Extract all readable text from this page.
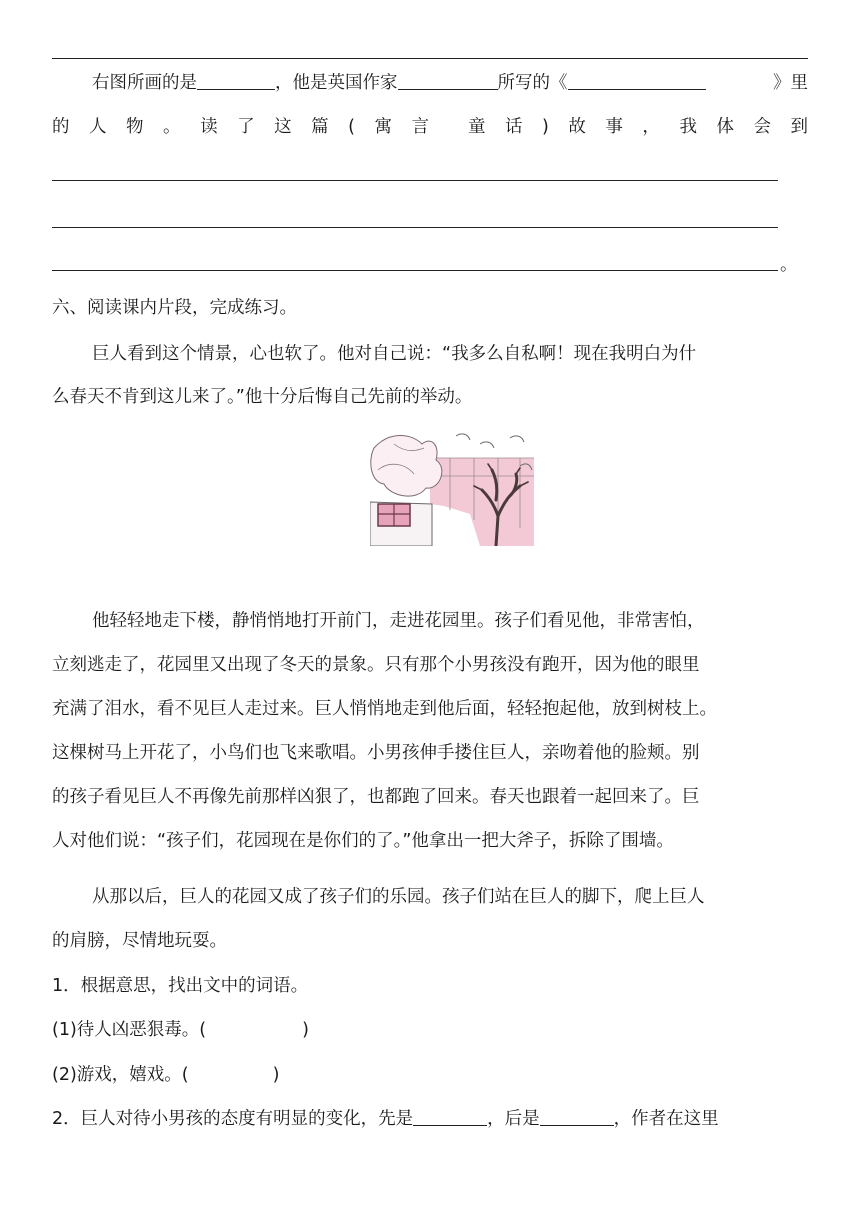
右图所画的是	，他是英国作家	所写的《	》里
的 人 物 。 读 了 这 篇 ( 寓 言 童 话 ) 故 事 ， 我 体 会 到
。
六、阅读课内片段，完成练习。
巨人看到这个情景，心也软了。他对自己说：“我多么自私啊！现在我明白为什
么春天不肯到这儿来了。”他十分后悔自己先前的举动。
他轻轻地走下楼，静悄悄地打开前门，走进花园里。孩子们看见他，非常害怕，
立刻逃走了，花园里又出现了冬天的景象。只有那个小男孩没有跑开，因为他的眼里
充满了泪水，看不见巨人走过来。巨人悄悄地走到他后面，轻轻抱起他，放到树枝上。
这棵树马上开花了，小鸟们也飞来歌唱。小男孩伸手搂住巨人，亲吻着他的脸颊。别
的孩子看见巨人不再像先前那样凶狠了，也都跑了回来。春天也跟着一起回来了。巨
人对他们说：“孩子们，花园现在是你们的了。”他拿出一把大斧子，拆除了围墙。
从那以后，巨人的花园又成了孩子们的乐园。孩子们站在巨人的脚下，爬上巨人
的肩膀，尽情地玩耍。
1．根据意思，找出文中的词语。
(1)待人凶恶狠毒。(	)
(2)游戏，嬉戏。(	)
2．巨人对待小男孩的态度有明显的变化，先是	，后是	，作者在这里
